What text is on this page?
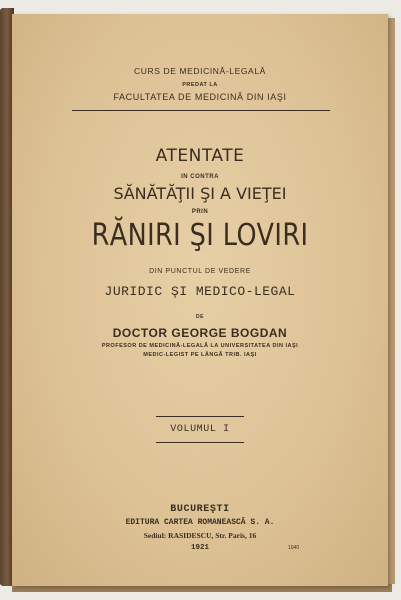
CURS DE MEDICINĂ-LEGALĂ
PREDAT LA
FACULTATEA DE MEDICINĂ DIN IAŞI
ATENTATE
IN CONTRA
SĂNĂTĂŢII ŞI A VIEŢEI
PRIN
RĂNIRI ŞI LOVIRI
DIN PUNCTUL DE VEDERE
JURIDIC ŞI MEDICO-LEGAL
DE
DOCTOR GEORGE BOGDAN
PROFESOR DE MEDICINĂ-LEGALĂ LA UNIVERSITATEA DIN IAŞI
MEDIC-LEGIST PE LÂNGĂ TRIB. IAŞI
VOLUMUL I
BUCUREŞTI
EDITURA CARTEA ROMANEASCĂ S. A.
Sediul: RASIDESCU, Str. Paris, 16
1921	1040
